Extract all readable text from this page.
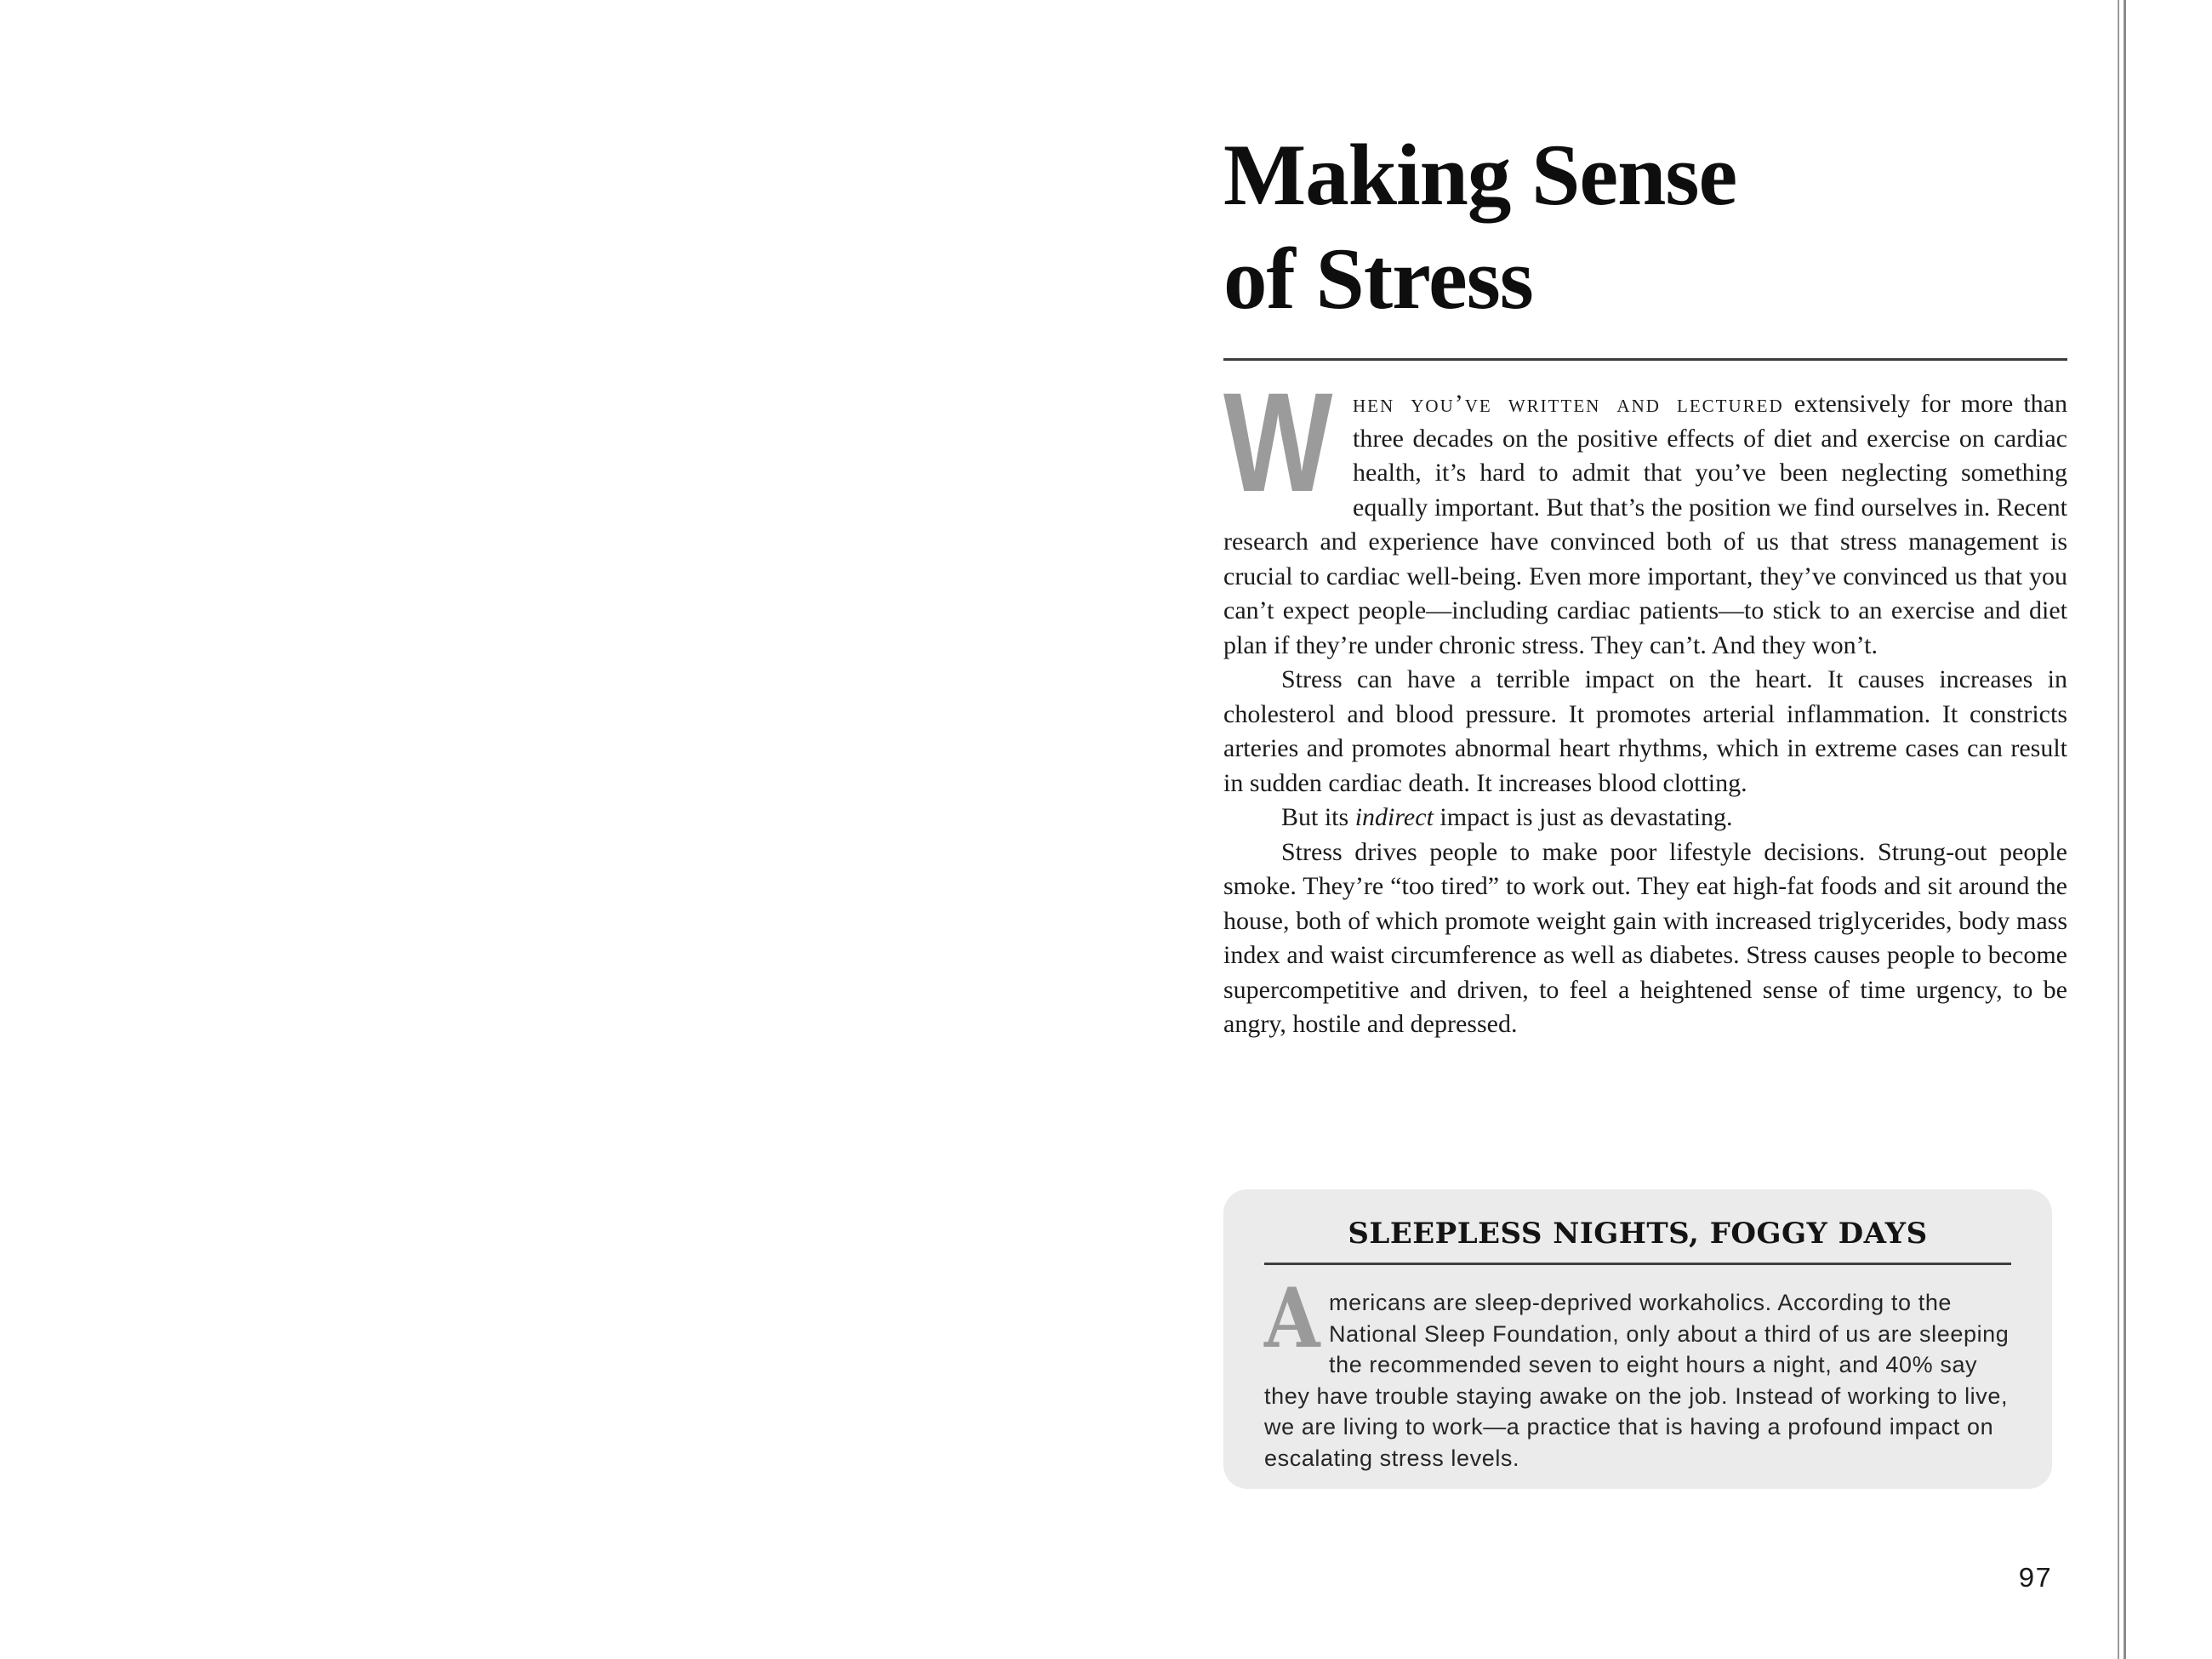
Making Sense
of Stress

When you’ve written and lectured extensively for more than three decades on the positive effects of diet and exercise on cardiac health, it’s hard to admit that you’ve been neglecting something equally important. But that’s the position we find ourselves in. Recent research and experience have convinced both of us that stress management is crucial to cardiac well-being. Even more important, they’ve convinced us that you can’t expect people—including cardiac patients—to stick to an exercise and diet plan if they’re under chronic stress. They can’t. And they won’t.

Stress can have a terrible impact on the heart. It causes increases in cholesterol and blood pressure. It promotes arterial inflammation. It constricts arteries and promotes abnormal heart rhythms, which in extreme cases can result in sudden cardiac death. It increases blood clotting.

But its indirect impact is just as devastating.

Stress drives people to make poor lifestyle decisions. Strung-out people smoke. They’re “too tired” to work out. They eat high-fat foods and sit around the house, both of which promote weight gain with increased triglycerides, body mass index and waist circumference as well as diabetes. Stress causes people to become supercompetitive and driven, to feel a heightened sense of time urgency, to be angry, hostile and depressed.

SLEEPLESS NIGHTS, FOGGY DAYS

Americans are sleep-deprived workaholics. According to the National Sleep Foundation, only about a third of us are sleeping the recommended seven to eight hours a night, and 40% say they have trouble staying awake on the job. Instead of working to live, we are living to work—a practice that is having a profound impact on escalating stress levels.

97
